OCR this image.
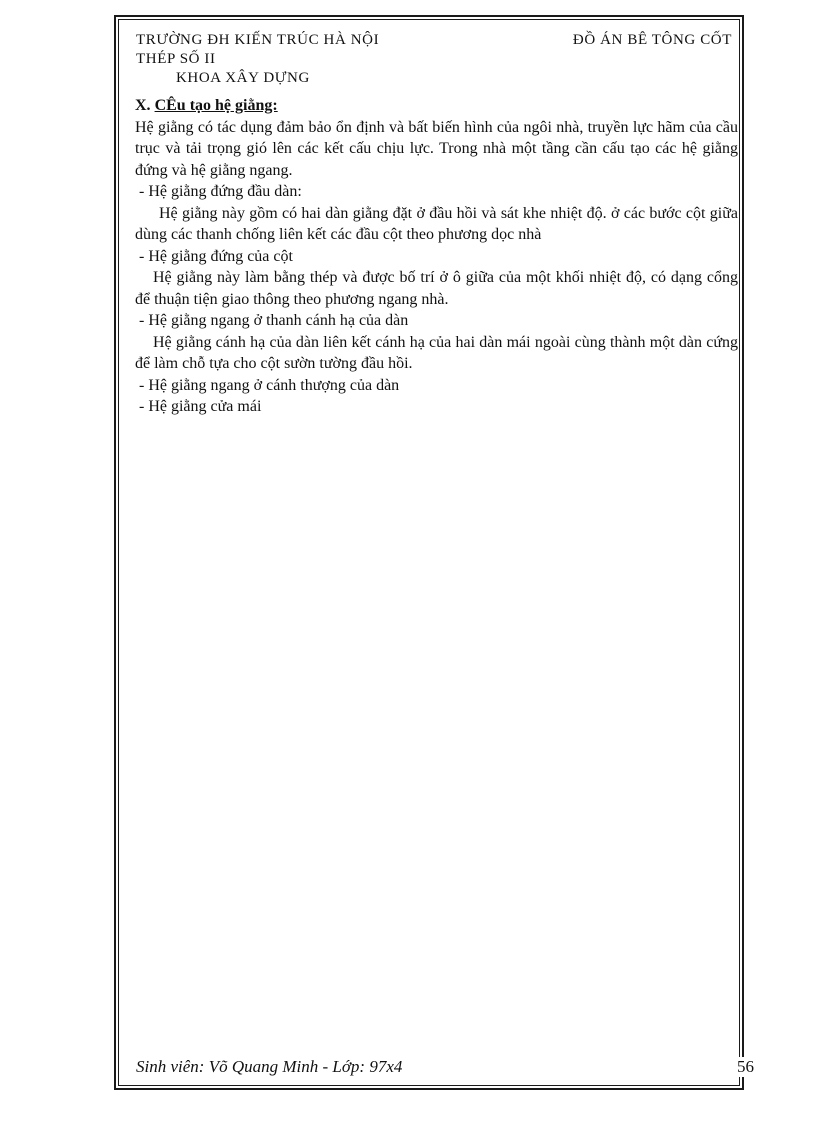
TRƯỜNG ĐH KIẾN TRÚC HÀ NỘI	ĐỒ ÁN BÊ TÔNG CỐT
THÉP SỐ II
KHOA XÂY DỰNG
X. CÊu tạo hệ giằng:

Hệ giằng có tác dụng đảm bảo ổn định và bất biến hình của ngôi nhà, truyền lực hãm của cầu trục và tải trọng gió lên các kết cấu chịu lực. Trong nhà một tầng cần cấu tạo các hệ giằng đứng và hệ giằng ngang.

- Hệ giằng đứng đầu dàn:

Hệ giằng này gồm có hai dàn giằng đặt ở đầu hồi và sát khe nhiệt độ. ở các bước cột giữa dùng các thanh chống liên kết các đầu cột theo phương dọc nhà

- Hệ giằng đứng của cột

Hệ giằng này làm bằng thép và được bố trí ở ô giữa của một khối nhiệt độ, có dạng cổng để thuận tiện giao thông theo phương ngang nhà.

- Hệ giằng ngang ở thanh cánh hạ của dàn

Hệ giằng cánh hạ của dàn liên kết cánh hạ của hai dàn mái ngoài cùng thành một dàn cứng để làm chỗ tựa cho cột sườn tường đầu hồi.

- Hệ giằng ngang ở cánh thượng của dàn
- Hệ giằng cửa mái
Sinh viên: Võ Quang Minh - Lớp: 97x4	56
